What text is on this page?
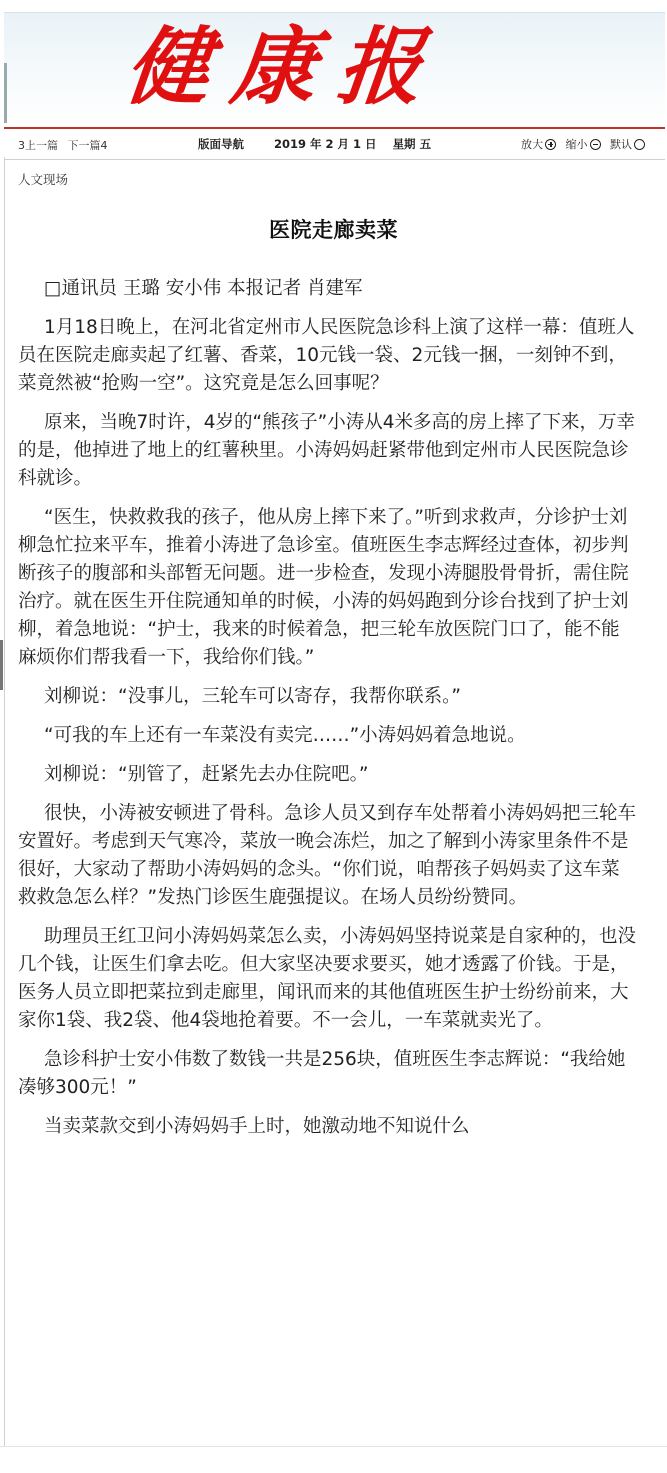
健康报
3上一篇 下一篇4	版面导航	2019 年 2 月 1 日 星期 五	放大
缩小
默认
人文现场
医院走廊卖菜
□通讯员 王璐 安小伟 本报记者 肖建军

1月18日晚上，在河北省定州市人民医院急诊科上演了这样一幕：值班人员在医院走廊卖起了红薯、香菜，10元钱一袋、2元钱一捆，一刻钟不到，菜竟然被“抢购一空”。这究竟是怎么回事呢？

原来，当晚7时许，4岁的“熊孩子”小涛从4米多高的房上摔了下来，万幸的是，他掉进了地上的红薯秧里。小涛妈妈赶紧带他到定州市人民医院急诊科就诊。

“医生，快救救我的孩子，他从房上摔下来了。”听到求救声，分诊护士刘柳急忙拉来平车，推着小涛进了急诊室。值班医生李志辉经过查体，初步判断孩子的腹部和头部暂无问题。进一步检查，发现小涛腿股骨骨折，需住院治疗。就在医生开住院通知单的时候，小涛的妈妈跑到分诊台找到了护士刘柳，着急地说：“护士，我来的时候着急，把三轮车放医院门口了，能不能麻烦你们帮我看一下，我给你们钱。”

刘柳说：“没事儿，三轮车可以寄存，我帮你联系。”

“可我的车上还有一车菜没有卖完……”小涛妈妈着急地说。

刘柳说：“别管了，赶紧先去办住院吧。”

很快，小涛被安顿进了骨科。急诊人员又到存车处帮着小涛妈妈把三轮车安置好。考虑到天气寒冷，菜放一晚会冻烂，加之了解到小涛家里条件不是很好，大家动了帮助小涛妈妈的念头。“你们说，咱帮孩子妈妈卖了这车菜救救急怎么样？”发热门诊医生鹿强提议。在场人员纷纷赞同。

助理员王红卫问小涛妈妈菜怎么卖，小涛妈妈坚持说菜是自家种的，也没几个钱，让医生们拿去吃。但大家坚决要求要买，她才透露了价钱。于是，医务人员立即把菜拉到走廊里，闻讯而来的其他值班医生护士纷纷前来，大家你1袋、我2袋、他4袋地抢着要。不一会儿，一车菜就卖光了。

急诊科护士安小伟数了数钱一共是256块，值班医生李志辉说：“我给她凑够300元！”

当卖菜款交到小涛妈妈手上时，她激动地不知说什么
